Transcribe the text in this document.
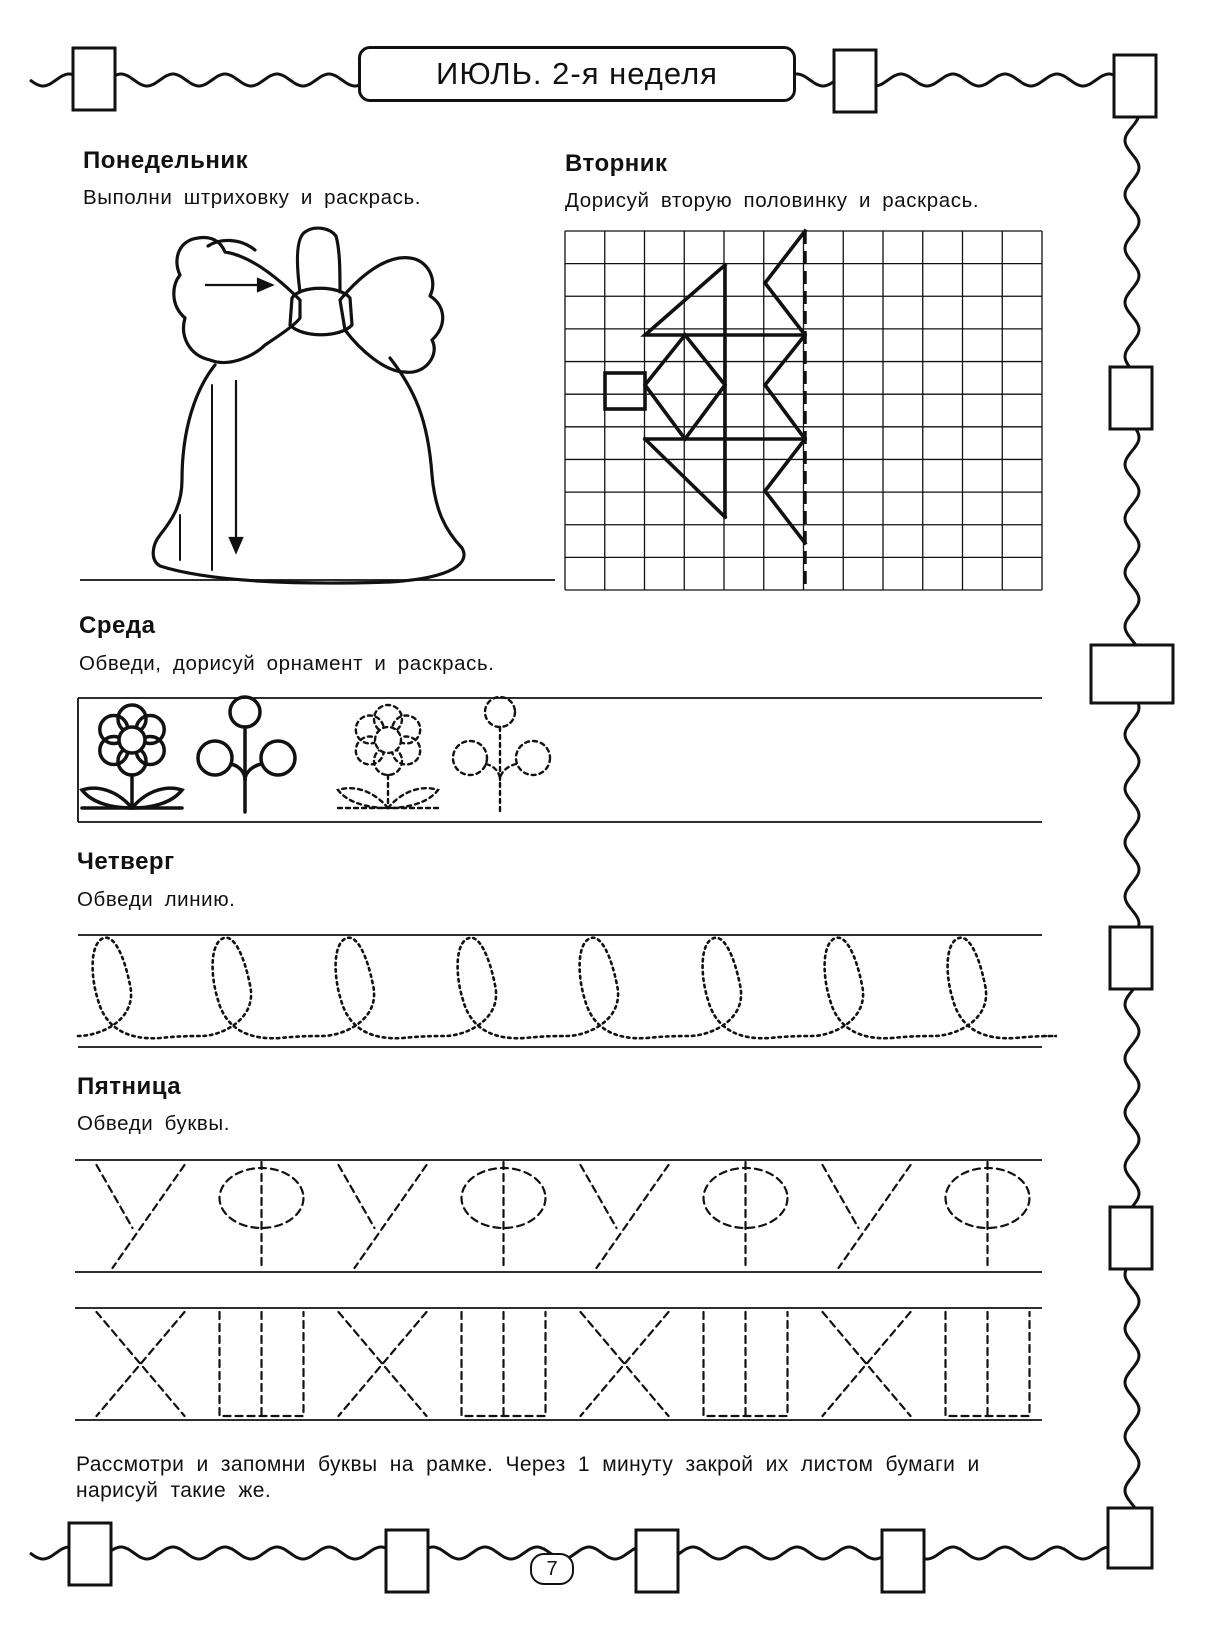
ИЮЛЬ. 2-я неделя
Понедельник
Выполни штриховку и раскрась.
Вторник
Дорисуй вторую половинку и раскрась.
Среда
Обведи, дорисуй орнамент и раскрась.
Четверг
Обведи линию.
Пятница
Обведи буквы.
Рассмотри и запомни буквы на рамке. Через 1 минуту закрой их листом бумаги и нарисуй такие же.
7
